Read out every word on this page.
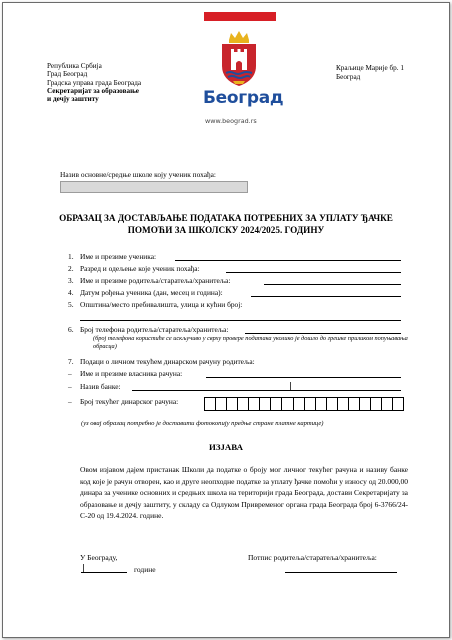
Република Србија
Град Београд
Градска управа града Београда
Секретаријат за образовање
и дечју заштиту	Београд
www.beograd.rs
Краљице Марије бр. 1
Београд
Назив основне/средње школе коју ученик похађа:
ОБРАЗАЦ ЗА ДОСТАВЉАЊЕ ПОДАТАКА ПОТРЕБНИХ ЗА УПЛАТУ ЂАЧКЕ
ПОМОЋИ ЗА ШКОЛСКУ 2024/2025. ГОДИНУ
1. Име и презиме ученика:
2. Разред и одељење које ученик похађа:
3. Име и презиме родитеља/старатеља/хранитеља:
4. Датум рођења ученика (дан, месец и година):
5. Општина/место пребивалишта, улица и кућни број:
6. Број телефона родитеља/старатеља/хранитеља:
(број телефона користиће се искључиво у сврху провере података уколико је дошло до грешке приликом попуњавања обрасца)
7. Подаци о личном текућем динарском рачуну родитеља:
– Име и презиме власника рачуна:
– Назив банке:
– Број текућег динарског рачуна:
(уз овај образац потребно је доставити фотокопију предње стране платне картице)
ИЗЈАВА
Овом изјавом дајем пристанак Школи да податке о броју мог личног текућег рачуна и називу банке код које је рачун отворен, као и друге неопходне податке за уплату ђачке помоћи у износу од 20.000,00 динара за ученике основних и средњих школа на територији града Београда, достави Секретаријату за образовање и дечју заштиту, у складу са Одлуком Привременог органа града Београда број 6-3766/24-С-20 од 19.4.2024. године.
У Београду,
године
Потпис родитеља/старатеља/хранитеља:
